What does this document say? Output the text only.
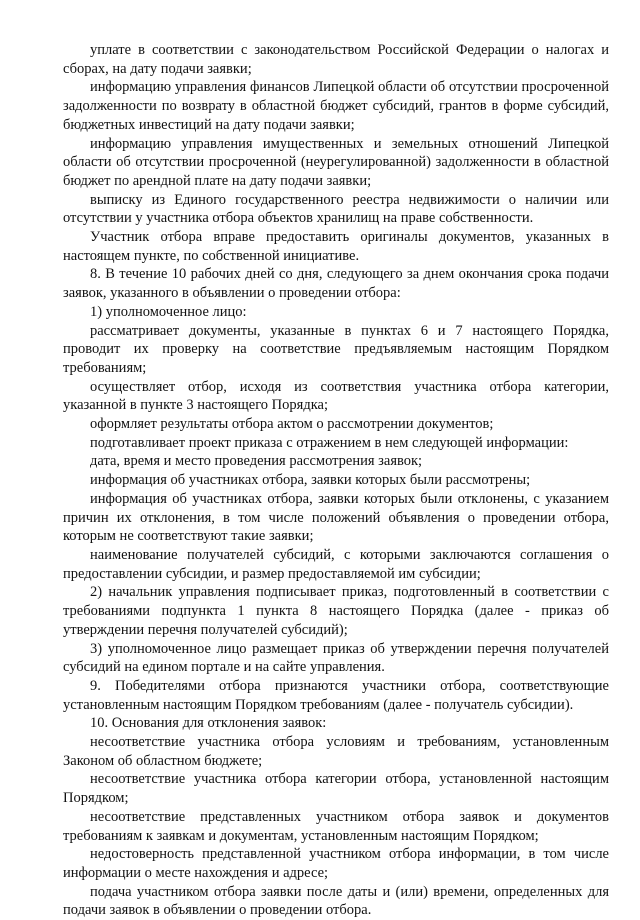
уплате в соответствии с законодательством Российской Федерации о налогах и сборах, на дату подачи заявки;

информацию управления финансов Липецкой области об отсутствии просроченной задолженности по возврату в областной бюджет субсидий, грантов в форме субсидий, бюджетных инвестиций на дату подачи заявки;

информацию управления имущественных и земельных отношений Липецкой области об отсутствии просроченной (неурегулированной) задолженности в областной бюджет по арендной плате на дату подачи заявки;

выписку из Единого государственного реестра недвижимости о наличии или отсутствии у участника отбора объектов хранилищ на праве собственности.

Участник отбора вправе предоставить оригиналы документов, указанных в настоящем пункте, по собственной инициативе.

8. В течение 10 рабочих дней со дня, следующего за днем окончания срока подачи заявок, указанного в объявлении о проведении отбора:

1) уполномоченное лицо:

рассматривает документы, указанные в пунктах 6 и 7 настоящего Порядка, проводит их проверку на соответствие предъявляемым настоящим Порядком требованиям;

осуществляет отбор, исходя из соответствия участника отбора категории, указанной в пункте 3 настоящего Порядка;

оформляет результаты отбора актом о рассмотрении документов;

подготавливает проект приказа с отражением в нем следующей информации:

дата, время и место проведения рассмотрения заявок;

информация об участниках отбора, заявки которых были рассмотрены;

информация об участниках отбора, заявки которых были отклонены, с указанием причин их отклонения, в том числе положений объявления о проведении отбора, которым не соответствуют такие заявки;

наименование получателей субсидий, с которыми заключаются соглашения о предоставлении субсидии, и размер предоставляемой им субсидии;

2) начальник управления подписывает приказ, подготовленный в соответствии с требованиями подпункта 1 пункта 8 настоящего Порядка (далее - приказ об утверждении перечня получателей субсидий);

3) уполномоченное лицо размещает приказ об утверждении перечня получателей субсидий на едином портале и на сайте управления.

9. Победителями отбора признаются участники отбора, соответствующие установленным настоящим Порядком требованиям (далее - получатель субсидии).

10. Основания для отклонения заявок:

несоответствие участника отбора условиям и требованиям, установленным Законом об областном бюджете;

несоответствие участника отбора категории отбора, установленной настоящим Порядком;

несоответствие представленных участником отбора заявок и документов требованиям к заявкам и документам, установленным настоящим Порядком;

недостоверность представленной участником отбора информации, в том числе информации о месте нахождения и адресе;

подача участником отбора заявки после даты и (или) времени, определенных для подачи заявок в объявлении о проведении отбора.
